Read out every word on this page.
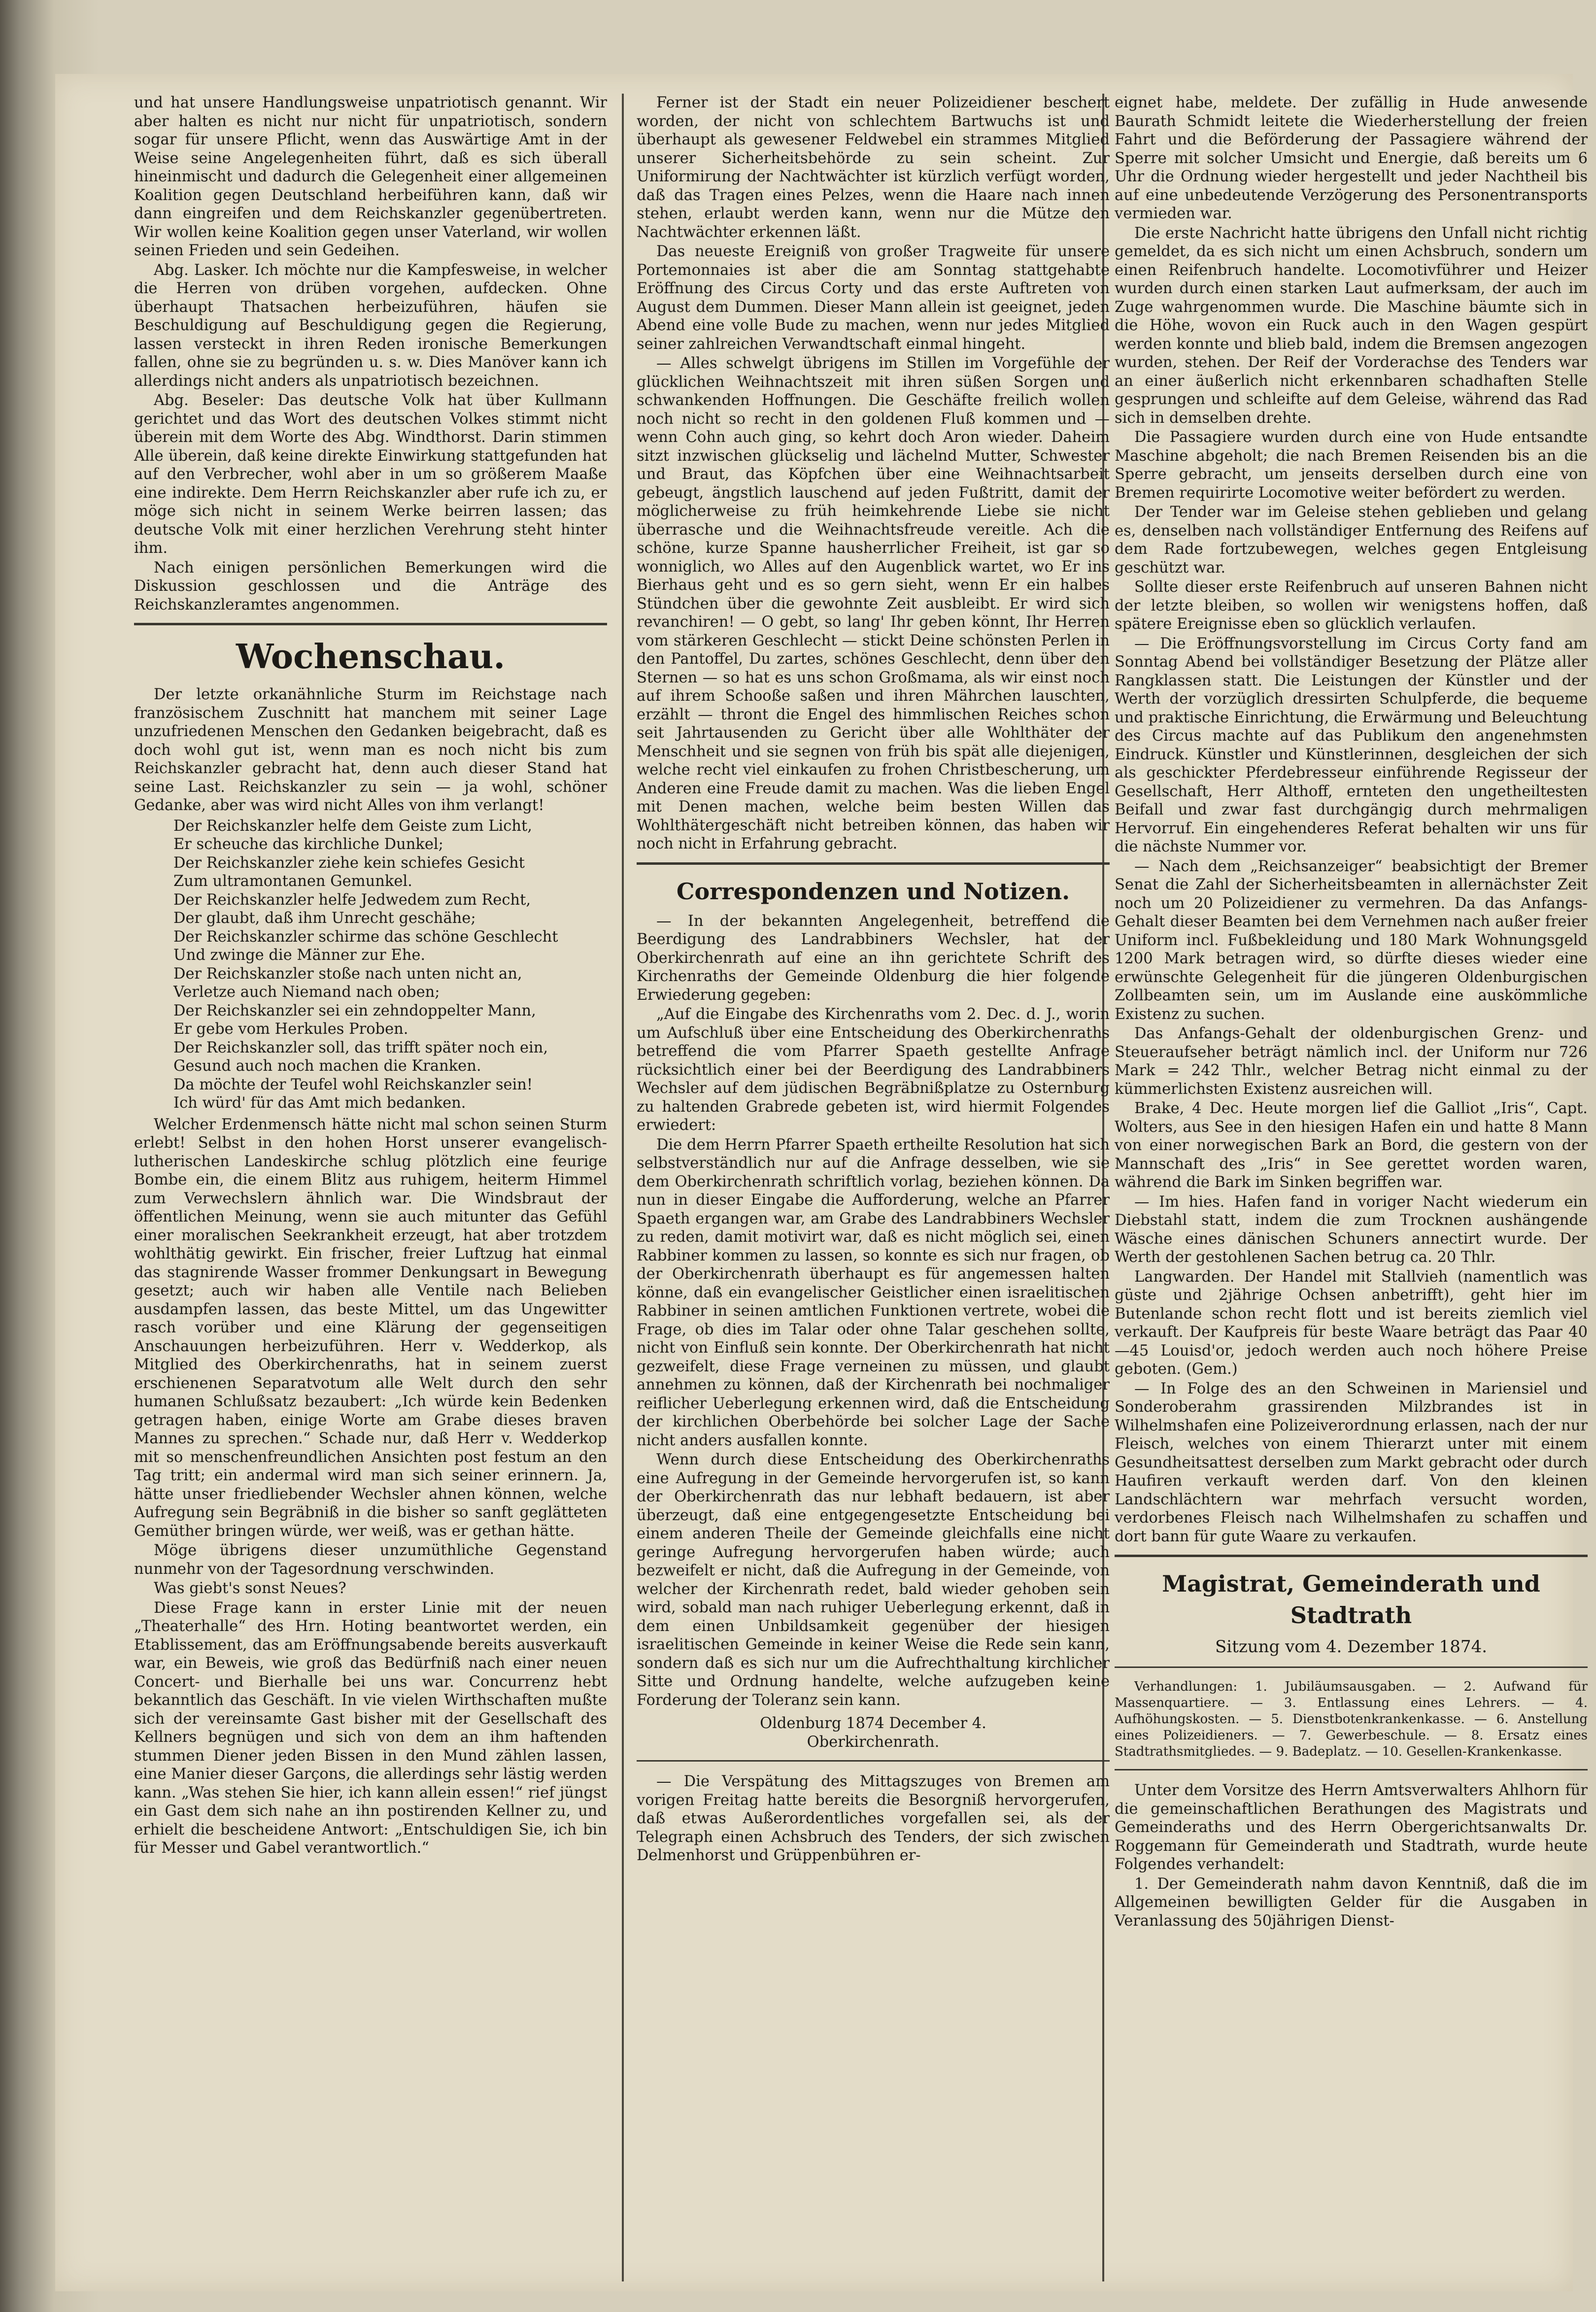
und hat unsere Handlungsweise unpatriotisch genannt. Wir aber halten es nicht nur nicht für unpatriotisch, sondern sogar für unsere Pflicht, wenn das Auswärtige Amt in der Weise seine Angelegenheiten führt, daß es sich überall hineinmischt und dadurch die Gelegenheit einer allgemeinen Koalition gegen Deutschland herbeiführen kann, daß wir dann eingreifen und dem Reichskanzler gegenübertreten. Wir wollen keine Koalition gegen unser Vaterland, wir wollen seinen Frieden und sein Gedeihen.

Abg. Lasker. Ich möchte nur die Kampfesweise, in welcher die Herren von drüben vorgehen, aufdecken. Ohne überhaupt Thatsachen herbeizuführen, häufen sie Beschuldigung auf Beschuldigung gegen die Regierung, lassen versteckt in ihren Reden ironische Bemerkungen fallen, ohne sie zu begründen u. s. w. Dies Manöver kann ich allerdings nicht anders als unpatriotisch bezeichnen.

Abg. Beseler: Das deutsche Volk hat über Kullmann gerichtet und das Wort des deutschen Volkes stimmt nicht überein mit dem Worte des Abg. Windthorst. Darin stimmen Alle überein, daß keine direkte Einwirkung stattgefunden hat auf den Verbrecher, wohl aber in um so größerem Maaße eine indirekte. Dem Herrn Reichskanzler aber rufe ich zu, er möge sich nicht in seinem Werke beirren lassen; das deutsche Volk mit einer herzlichen Verehrung steht hinter ihm.

Nach einigen persönlichen Bemerkungen wird die Diskussion geschlossen und die Anträge des Reichskanzleramtes angenommen.

Wochenschau.

Der letzte orkanähnliche Sturm im Reichstage nach französischem Zuschnitt hat manchem mit seiner Lage unzufriedenen Menschen den Gedanken beigebracht, daß es doch wohl gut ist, wenn man es noch nicht bis zum Reichskanzler gebracht hat, denn auch dieser Stand hat seine Last. Reichskanzler zu sein — ja wohl, schöner Gedanke, aber was wird nicht Alles von ihm verlangt!

Der Reichskanzler helfe dem Geiste zum Licht,
Er scheuche das kirchliche Dunkel;
Der Reichskanzler ziehe kein schiefes Gesicht
Zum ultramontanen Gemunkel.
Der Reichskanzler helfe Jedwedem zum Recht,
Der glaubt, daß ihm Unrecht geschähe;
Der Reichskanzler schirme das schöne Geschlecht
Und zwinge die Männer zur Ehe.
Der Reichskanzler stoße nach unten nicht an,
Verletze auch Niemand nach oben;
Der Reichskanzler sei ein zehndoppelter Mann,
Er gebe vom Herkules Proben.
Der Reichskanzler soll, das trifft später noch ein,
Gesund auch noch machen die Kranken.
Da möchte der Teufel wohl Reichskanzler sein!
Ich würd' für das Amt mich bedanken.

Welcher Erdenmensch hätte nicht mal schon seinen Sturm erlebt! Selbst in den hohen Horst unserer evangelisch-lutherischen Landeskirche schlug plötzlich eine feurige Bombe ein, die einem Blitz aus ruhigem, heiterm Himmel zum Verwechslern ähnlich war. Die Windsbraut der öffentlichen Meinung, wenn sie auch mitunter das Gefühl einer moralischen Seekrankheit erzeugt, hat aber trotzdem wohlthätig gewirkt. Ein frischer, freier Luftzug hat einmal das stagnirende Wasser frommer Denkungsart in Bewegung gesetzt; auch wir haben alle Ventile nach Belieben ausdampfen lassen, das beste Mittel, um das Ungewitter rasch vorüber und eine Klärung der gegenseitigen Anschauungen herbeizuführen. Herr v. Wedderkop, als Mitglied des Oberkirchenraths, hat in seinem zuerst erschienenen Separatvotum alle Welt durch den sehr humanen Schlußsatz bezaubert: „Ich würde kein Bedenken getragen haben, einige Worte am Grabe dieses braven Mannes zu sprechen.“ Schade nur, daß Herr v. Wedderkop mit so menschenfreundlichen Ansichten post festum an den Tag tritt; ein andermal wird man sich seiner erinnern. Ja, hätte unser friedliebender Wechsler ahnen können, welche Aufregung sein Begräbniß in die bisher so sanft geglätteten Gemüther bringen würde, wer weiß, was er gethan hätte.

Möge übrigens dieser unzumüthliche Gegenstand nunmehr von der Tagesordnung verschwinden.

Was giebt's sonst Neues?

Diese Frage kann in erster Linie mit der neuen „Theaterhalle“ des Hrn. Hoting beantwortet werden, ein Etablissement, das am Eröffnungsabende bereits ausverkauft war, ein Beweis, wie groß das Bedürfniß nach einer neuen Concert- und Bierhalle bei uns war. Concurrenz hebt bekanntlich das Geschäft. In vie vielen Wirthschaften mußte sich der vereinsamte Gast bisher mit der Gesellschaft des Kellners begnügen und sich von dem an ihm haftenden stummen Diener jeden Bissen in den Mund zählen lassen, eine Manier dieser Garçons, die allerdings sehr lästig werden kann. „Was stehen Sie hier, ich kann allein essen!“ rief jüngst ein Gast dem sich nahe an ihn postirenden Kellner zu, und erhielt die bescheidene Antwort: „Entschuldigen Sie, ich bin für Messer und Gabel verantwortlich.“

Ferner ist der Stadt ein neuer Polizeidiener beschert worden, der nicht von schlechtem Bartwuchs ist und überhaupt als gewesener Feldwebel ein strammes Mitglied unserer Sicherheitsbehörde zu sein scheint. Zur Uniformirung der Nachtwächter ist kürzlich verfügt worden, daß das Tragen eines Pelzes, wenn die Haare nach innen stehen, erlaubt werden kann, wenn nur die Mütze den Nachtwächter erkennen läßt.

Das neueste Ereigniß von großer Tragweite für unsere Portemonnaies ist aber die am Sonntag stattgehabte Eröffnung des Circus Corty und das erste Auftreten von August dem Dummen. Dieser Mann allein ist geeignet, jeden Abend eine volle Bude zu machen, wenn nur jedes Mitglied seiner zahlreichen Verwandtschaft einmal hingeht.

— Alles schwelgt übrigens im Stillen im Vorgefühle der glücklichen Weihnachtszeit mit ihren süßen Sorgen und schwankenden Hoffnungen. Die Geschäfte freilich wollen noch nicht so recht in den goldenen Fluß kommen und — wenn Cohn auch ging, so kehrt doch Aron wieder. Daheim sitzt inzwischen glückselig und lächelnd Mutter, Schwester und Braut, das Köpfchen über eine Weihnachtsarbeit gebeugt, ängstlich lauschend auf jeden Fußtritt, damit der möglicherweise zu früh heimkehrende Liebe sie nicht überrasche und die Weihnachtsfreude vereitle. Ach die schöne, kurze Spanne hausherrlicher Freiheit, ist gar so wonniglich, wo Alles auf den Augenblick wartet, wo Er ins Bierhaus geht und es so gern sieht, wenn Er ein halbes Stündchen über die gewohnte Zeit ausbleibt. Er wird sich revanchiren! — O gebt, so lang' Ihr geben könnt, Ihr Herren vom stärkeren Geschlecht — stickt Deine schönsten Perlen in den Pantoffel, Du zartes, schönes Geschlecht, denn über den Sternen — so hat es uns schon Großmama, als wir einst noch auf ihrem Schooße saßen und ihren Mährchen lauschten, erzählt — thront die Engel des himmlischen Reiches schon seit Jahrtausenden zu Gericht über alle Wohlthäter der Menschheit und sie segnen von früh bis spät alle diejenigen, welche recht viel einkaufen zu frohen Christbescherung, um Anderen eine Freude damit zu machen. Was die lieben Engel mit Denen machen, welche beim besten Willen das Wohlthätergeschäft nicht betreiben können, das haben wir noch nicht in Erfahrung gebracht.

Correspondenzen und Notizen.

— In der bekannten Angelegenheit, betreffend die Beerdigung des Landrabbiners Wechsler, hat der Oberkirchenrath auf eine an ihn gerichtete Schrift des Kirchenraths der Gemeinde Oldenburg die hier folgende Erwiederung gegeben:

„Auf die Eingabe des Kirchenraths vom 2. Dec. d. J., worin um Aufschluß über eine Entscheidung des Oberkirchenraths betreffend die vom Pfarrer Spaeth gestellte Anfrage rücksichtlich einer bei der Beerdigung des Landrabbiners Wechsler auf dem jüdischen Begräbnißplatze zu Osternburg zu haltenden Grabrede gebeten ist, wird hiermit Folgendes erwiedert:

Die dem Herrn Pfarrer Spaeth ertheilte Resolution hat sich selbstverständlich nur auf die Anfrage desselben, wie sie dem Oberkirchenrath schriftlich vorlag, beziehen können. Da nun in dieser Eingabe die Aufforderung, welche an Pfarrer Spaeth ergangen war, am Grabe des Landrabbiners Wechsler zu reden, damit motivirt war, daß es nicht möglich sei, einen Rabbiner kommen zu lassen, so konnte es sich nur fragen, ob der Oberkirchenrath überhaupt es für angemessen halten könne, daß ein evangelischer Geistlicher einen israelitischen Rabbiner in seinen amtlichen Funktionen vertrete, wobei die Frage, ob dies im Talar oder ohne Talar geschehen sollte, nicht von Einfluß sein konnte. Der Oberkirchenrath hat nicht gezweifelt, diese Frage verneinen zu müssen, und glaubt annehmen zu können, daß der Kirchenrath bei nochmaliger reiflicher Ueberlegung erkennen wird, daß die Entscheidung der kirchlichen Oberbehörde bei solcher Lage der Sache nicht anders ausfallen konnte.

Wenn durch diese Entscheidung des Oberkirchenraths eine Aufregung in der Gemeinde hervorgerufen ist, so kann der Oberkirchenrath das nur lebhaft bedauern, ist aber überzeugt, daß eine entgegengesetzte Entscheidung bei einem anderen Theile der Gemeinde gleichfalls eine nicht geringe Aufregung hervorgerufen haben würde; auch bezweifelt er nicht, daß die Aufregung in der Gemeinde, von welcher der Kirchenrath redet, bald wieder gehoben sein wird, sobald man nach ruhiger Ueberlegung erkennt, daß in dem einen Unbildsamkeit gegenüber der hiesigen israelitischen Gemeinde in keiner Weise die Rede sein kann, sondern daß es sich nur um die Aufrechthaltung kirchlicher Sitte und Ordnung handelte, welche aufzugeben keine Forderung der Toleranz sein kann.

Oldenburg 1874 December 4.
Oberkirchenrath.

— Die Verspätung des Mittagszuges von Bremen am vorigen Freitag hatte bereits die Besorgniß hervorgerufen, daß etwas Außerordentliches vorgefallen sei, als der Telegraph einen Achsbruch des Tenders, der sich zwischen Delmenhorst und Grüppenbühren er-

eignet habe, meldete. Der zufällig in Hude anwesende Baurath Schmidt leitete die Wiederherstellung der freien Fahrt und die Beförderung der Passagiere während der Sperre mit solcher Umsicht und Energie, daß bereits um 6 Uhr die Ordnung wieder hergestellt und jeder Nachtheil bis auf eine unbedeutende Verzögerung des Personentransports vermieden war.

Die erste Nachricht hatte übrigens den Unfall nicht richtig gemeldet, da es sich nicht um einen Achsbruch, sondern um einen Reifenbruch handelte. Locomotivführer und Heizer wurden durch einen starken Laut aufmerksam, der auch im Zuge wahrgenommen wurde. Die Maschine bäumte sich in die Höhe, wovon ein Ruck auch in den Wagen gespürt werden konnte und blieb bald, indem die Bremsen angezogen wurden, stehen. Der Reif der Vorderachse des Tenders war an einer äußerlich nicht erkennbaren schadhaften Stelle gesprungen und schleifte auf dem Geleise, während das Rad sich in demselben drehte.

Die Passagiere wurden durch eine von Hude entsandte Maschine abgeholt; die nach Bremen Reisenden bis an die Sperre gebracht, um jenseits derselben durch eine von Bremen requirirte Locomotive weiter befördert zu werden.

Der Tender war im Geleise stehen geblieben und gelang es, denselben nach vollständiger Entfernung des Reifens auf dem Rade fortzubewegen, welches gegen Entgleisung geschützt war.

Sollte dieser erste Reifenbruch auf unseren Bahnen nicht der letzte bleiben, so wollen wir wenigstens hoffen, daß spätere Ereignisse eben so glücklich verlaufen.

— Die Eröffnungsvorstellung im Circus Corty fand am Sonntag Abend bei vollständiger Besetzung der Plätze aller Rangklassen statt. Die Leistungen der Künstler und der Werth der vorzüglich dressirten Schulpferde, die bequeme und praktische Einrichtung, die Erwärmung und Beleuchtung des Circus machte auf das Publikum den angenehmsten Eindruck. Künstler und Künstlerinnen, desgleichen der sich als geschickter Pferdebresseur einführende Regisseur der Gesellschaft, Herr Althoff, ernteten den ungetheiltesten Beifall und zwar fast durchgängig durch mehrmaligen Hervorruf. Ein eingehenderes Referat behalten wir uns für die nächste Nummer vor.

— Nach dem „Reichsanzeiger“ beabsichtigt der Bremer Senat die Zahl der Sicherheitsbeamten in allernächster Zeit noch um 20 Polizeidiener zu vermehren. Da das Anfangs-Gehalt dieser Beamten bei dem Vernehmen nach außer freier Uniform incl. Fußbekleidung und 180 Mark Wohnungsgeld 1200 Mark betragen wird, so dürfte dieses wieder eine erwünschte Gelegenheit für die jüngeren Oldenburgischen Zollbeamten sein, um im Auslande eine auskömmliche Existenz zu suchen.

Das Anfangs-Gehalt der oldenburgischen Grenz- und Steueraufseher beträgt nämlich incl. der Uniform nur 726 Mark = 242 Thlr., welcher Betrag nicht einmal zu der kümmerlichsten Existenz ausreichen will.

Brake, 4 Dec. Heute morgen lief die Galliot „Iris“, Capt. Wolters, aus See in den hiesigen Hafen ein und hatte 8 Mann von einer norwegischen Bark an Bord, die gestern von der Mannschaft des „Iris“ in See gerettet worden waren, während die Bark im Sinken begriffen war.

— Im hies. Hafen fand in voriger Nacht wiederum ein Diebstahl statt, indem die zum Trocknen aushängende Wäsche eines dänischen Schuners annectirt wurde. Der Werth der gestohlenen Sachen betrug ca. 20 Thlr.

Langwarden. Der Handel mit Stallvieh (namentlich was güste und 2jährige Ochsen anbetrifft), geht hier im Butenlande schon recht flott und ist bereits ziemlich viel verkauft. Der Kaufpreis für beste Waare beträgt das Paar 40—45 Louisd'or, jedoch werden auch noch höhere Preise geboten. (Gem.)

— In Folge des an den Schweinen in Mariensiel und Sonderoberahm grassirenden Milzbrandes ist in Wilhelmshafen eine Polizeiverordnung erlassen, nach der nur Fleisch, welches von einem Thierarzt unter mit einem Gesundheitsattest derselben zum Markt gebracht oder durch Haufiren verkauft werden darf. Von den kleinen Landschlächtern war mehrfach versucht worden, verdorbenes Fleisch nach Wilhelmshafen zu schaffen und dort bann für gute Waare zu verkaufen.

Magistrat, Gemeinderath und Stadtrath
Sitzung vom 4. Dezember 1874.

Verhandlungen: 1. Jubiläumsausgaben. — 2. Aufwand für Massenquartiere. — 3. Entlassung eines Lehrers. — 4. Aufhöhungskosten. — 5. Dienstbotenkrankenkasse. — 6. Anstellung eines Polizeidieners. — 7. Gewerbeschule. — 8. Ersatz eines Stadtrathsmitgliedes. — 9. Badeplatz. — 10. Gesellen-Krankenkasse.

Unter dem Vorsitze des Herrn Amtsverwalters Ahlhorn für die gemeinschaftlichen Berathungen des Magistrats und Gemeinderaths und des Herrn Obergerichtsanwalts Dr. Roggemann für Gemeinderath und Stadtrath, wurde heute Folgendes verhandelt:

1. Der Gemeinderath nahm davon Kenntniß, daß die im Allgemeinen bewilligten Gelder für die Ausgaben in Veranlassung des 50jährigen Dienst-
